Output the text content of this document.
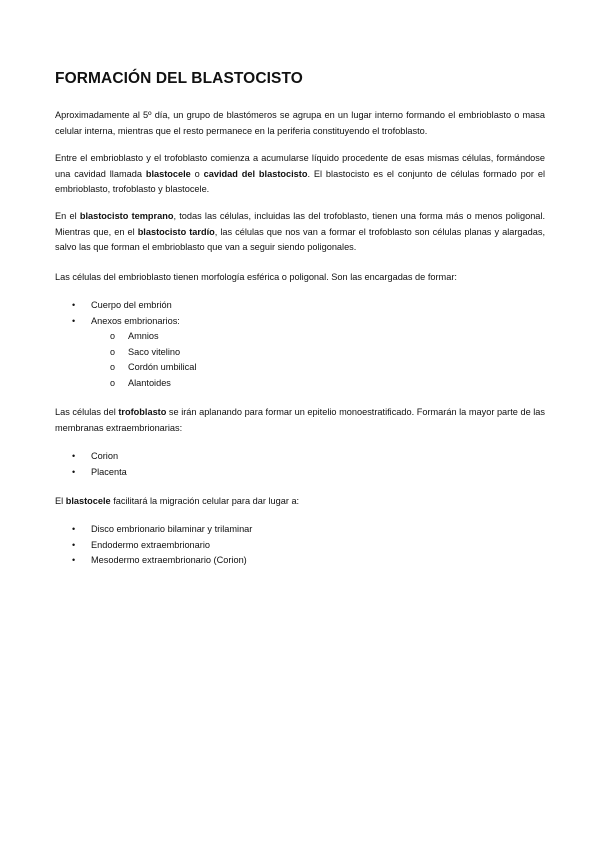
FORMACIÓN DEL BLASTOCISTO

Aproximadamente al 5º día, un grupo de blastómeros se agrupa en un lugar interno formando el embrioblasto o masa celular interna, mientras que el resto permanece en la periferia constituyendo el trofoblasto.

Entre el embrioblasto y el trofoblasto comienza a acumularse líquido procedente de esas mismas células, formándose una cavidad llamada blastocele o cavidad del blastocisto. El blastocisto es el conjunto de células formado por el embrioblasto, trofoblasto y blastocele.

En el blastocisto temprano, todas las células, incluidas las del trofoblasto, tienen una forma más o menos poligonal. Mientras que, en el blastocisto tardío, las células que nos van a formar el trofoblasto son células planas y alargadas, salvo las que forman el embrioblasto que van a seguir siendo poligonales.

Las células del embrioblasto tienen morfología esférica o poligonal. Son las encargadas de formar:

• Cuerpo del embrión
• Anexos embrionarios:
o Amnios
o Saco vitelino
o Cordón umbilical
o Alantoides

Las células del trofoblasto se irán aplanando para formar un epitelio monoestratificado. Formarán la mayor parte de las membranas extraembrionarias:

• Corion
• Placenta

El blastocele facilitará la migración celular para dar lugar a:

• Disco embrionario bilaminar y trilaminar
• Endodermo extraembrionario
• Mesodermo extraembrionario (Corion)
